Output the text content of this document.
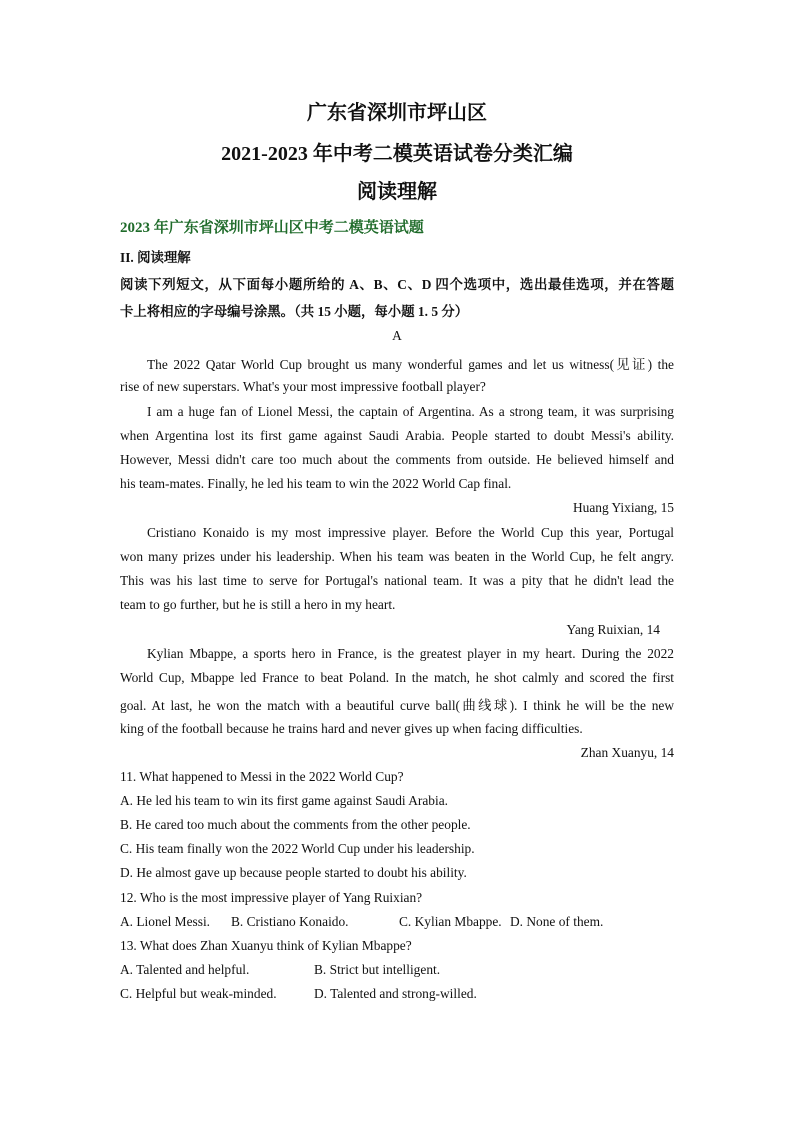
广东省深圳市坪山区
2021-2023 年中考二模英语试卷分类汇编
阅读理解
2023 年广东省深圳市坪山区中考二模英语试题
II. 阅读理解
阅读下列短文，从下面每小题所给的 A、B、C、D 四个选项中，选出最佳选项，并在答题
卡上将相应的字母编号涂黑。（共 15 小题，每小题 1. 5 分）
A
The 2022 Qatar World Cup brought us many wonderful games and let us witness(见证) the
rise of new superstars. What's your most impressive football player?
I am a huge fan of Lionel Messi, the captain of Argentina. As a strong team, it was surprising
when Argentina lost its first game against Saudi Arabia. People started to doubt Messi's ability.
However, Messi didn't care too much about the comments from outside. He believed himself and
his team-mates. Finally, he led his team to win the 2022 World Cap final.
Huang Yixiang, 15
Cristiano Konaido is my most impressive player. Before the World Cup this year, Portugal
won many prizes under his leadership. When his team was beaten in the World Cup, he felt angry.
This was his last time to serve for Portugal's national team. It was a pity that he didn't lead the
team to go further, but he is still a hero in my heart.
Yang Ruixian, 14
Kylian Mbappe, a sports hero in France, is the greatest player in my heart. During the 2022
World Cup, Mbappe led France to beat Poland. In the match, he shot calmly and scored the first
goal. At last, he won the match with a beautiful curve ball(曲线球). I think he will be the new
king of the football because he trains hard and never gives up when facing difficulties.
Zhan Xuanyu, 14
11. What happened to Messi in the 2022 World Cup?
A. He led his team to win its first game against Saudi Arabia.
B. He cared too much about the comments from the other people.
C. His team finally won the 2022 World Cup under his leadership.
D. He almost gave up because people started to doubt his ability.
12. Who is the most impressive player of Yang Ruixian?
A. Lionel Messi. B. Cristiano Konaido.	C. Kylian Mbappe. D. None of them.
13. What does Zhan Xuanyu think of Kylian Mbappe?
A. Talented and helpful.	B. Strict but intelligent.
C. Helpful but weak-minded.	D. Talented and strong-willed.
